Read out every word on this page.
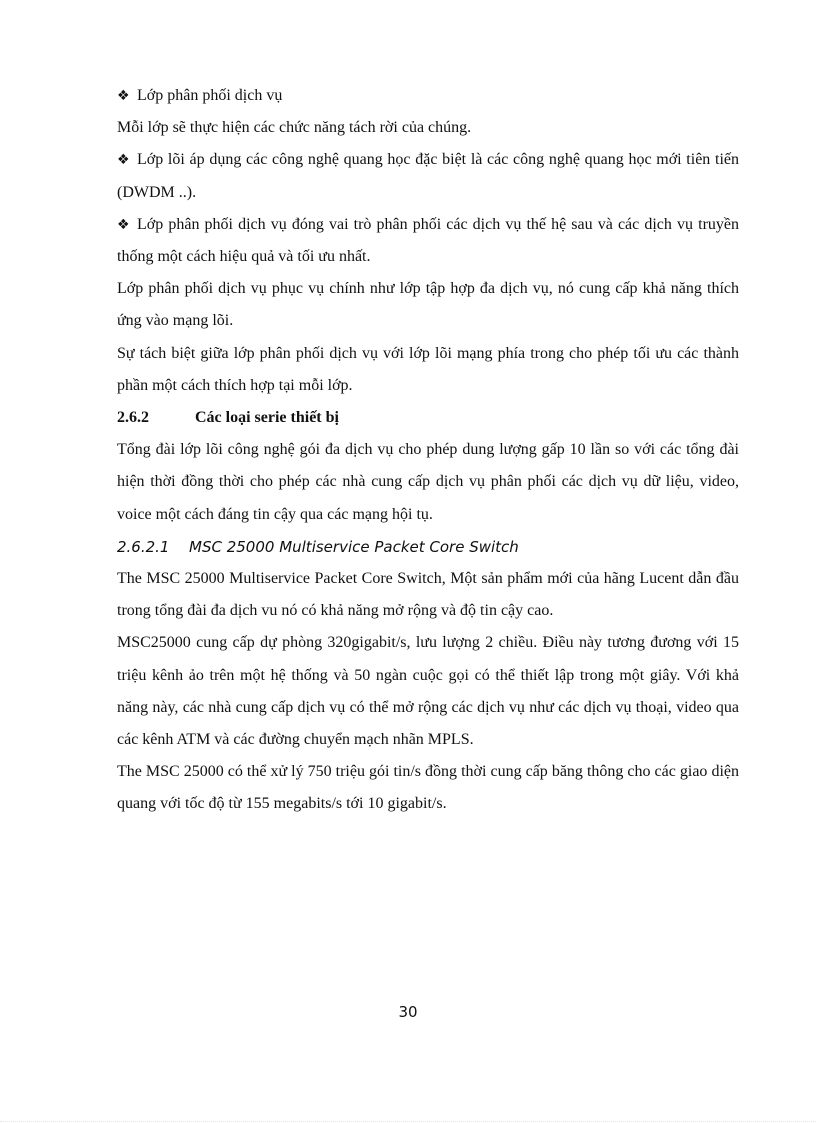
❖ Lớp phân phối dịch vụ

Mỗi lớp sẽ thực hiện các chức năng tách rời của chúng.

❖ Lớp lõi áp dụng các công nghệ quang học đặc biệt là các công nghệ quang học mới tiên tiến (DWDM ..).

❖ Lớp phân phối dịch vụ đóng vai trò phân phối các dịch vụ thế hệ sau và các dịch vụ truyền thống một cách hiệu quả và tối ưu nhất.

Lớp phân phối dịch vụ phục vụ chính như lớp tập hợp đa dịch vụ, nó cung cấp khả năng thích ứng vào mạng lõi.

Sự tách biệt giữa lớp phân phối dịch vụ với lớp lõi mạng phía trong cho phép tối ưu các thành phần một cách thích hợp tại mỗi lớp.

2.6.2	Các loại serie thiết bị

Tổng đài lớp lõi công nghệ gói đa dịch vụ cho phép dung lượng gấp 10 lần so với các tổng đài hiện thời đồng thời cho phép các nhà cung cấp dịch vụ phân phối các dịch vụ dữ liệu, video, voice một cách đáng tin cậy qua các mạng hội tụ.

2.6.2.1	MSC 25000 Multiservice Packet Core Switch

The MSC 25000 Multiservice Packet Core Switch, Một sản phẩm mới của hãng Lucent dẫn đầu trong tổng đài đa dịch vu nó có khả năng mở rộng và độ tin cậy cao.

MSC25000 cung cấp dự phòng 320gigabit/s, lưu lượng 2 chiều. Điều này tương đương với 15 triệu kênh ảo trên một hệ thống và 50 ngàn cuộc gọi có thể thiết lập trong một giây. Với khả năng này, các nhà cung cấp dịch vụ có thể mở rộng các dịch vụ như các dịch vụ thoại, video qua các kênh ATM và các đường chuyển mạch nhãn MPLS.

The MSC 25000 có thể xử lý 750 triệu gói tin/s đồng thời cung cấp băng thông cho các giao diện quang với tốc độ từ 155 megabits/s tới 10 gigabit/s.

30
